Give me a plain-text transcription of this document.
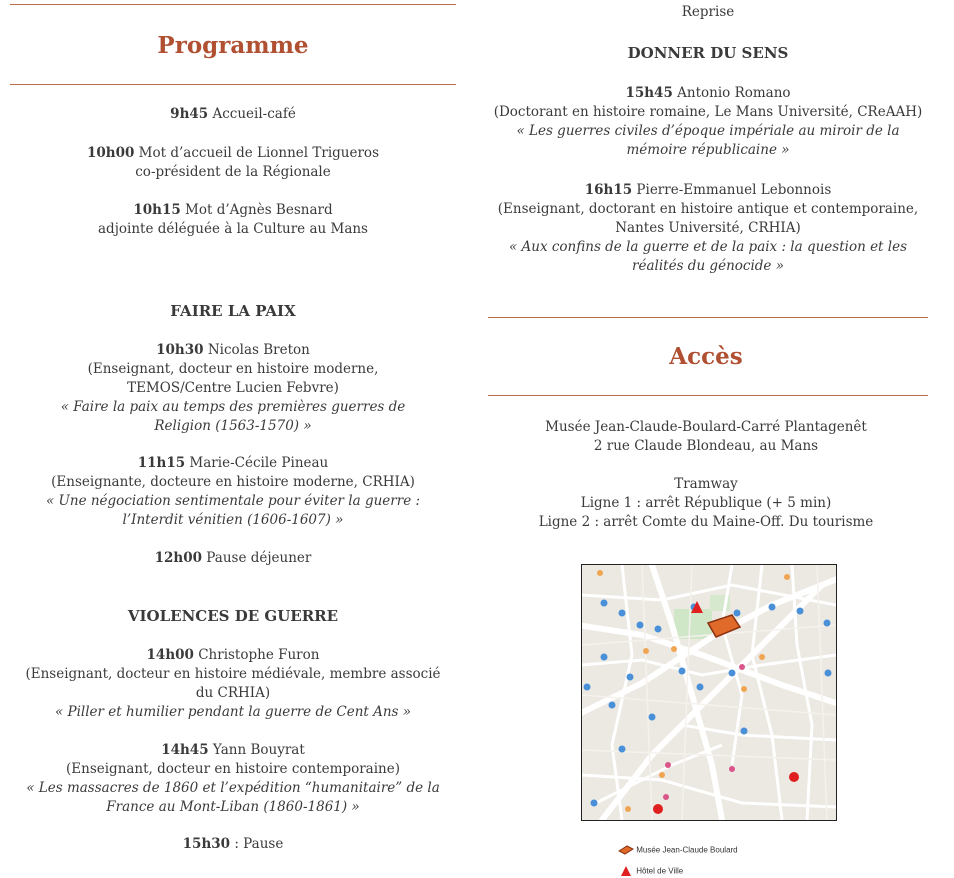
Programme
9h45 Accueil-café
10h00 Mot d’accueil de Lionnel Trigueros
co-président de la Régionale
10h15 Mot d’Agnès Besnard
adjointe déléguée à la Culture au Mans
FAIRE LA PAIX
10h30 Nicolas Breton
(Enseignant, docteur en histoire moderne, TEMOS/Centre Lucien Febvre)
« Faire la paix au temps des premières guerres de Religion (1563-1570) »
11h15 Marie-Cécile Pineau
(Enseignante, docteure en histoire moderne, CRHIA)
« Une négociation sentimentale pour éviter la guerre : l’Interdit vénitien (1606-1607) »
12h00 Pause déjeuner
VIOLENCES DE GUERRE
14h00 Christophe Furon
(Enseignant, docteur en histoire médiévale, membre associé du CRHIA)
« Piller et humilier pendant la guerre de Cent Ans »
14h45 Yann Bouyrat
(Enseignant, docteur en histoire contemporaine)
« Les massacres de 1860 et l’expédition “humanitaire” de la France au Mont-Liban (1860-1861) »
15h30 : Pause
Reprise
DONNER DU SENS
15h45 Antonio Romano
(Doctorant en histoire romaine, Le Mans Université, CReAAH)
« Les guerres civiles d’époque impériale au miroir de la mémoire républicaine »
16h15 Pierre-Emmanuel Lebonnois
(Enseignant, doctorant en histoire antique et contemporaine, Nantes Université, CRHIA)
« Aux confins de la guerre et de la paix : la question et les réalités du génocide »
Accès
Musée Jean-Claude-Boulard-Carré Plantagenêt
2 rue Claude Blondeau, au Mans
Tramway
Ligne 1 : arrêt République (+ 5 min)
Ligne 2 : arrêt Comte du Maine-Off. Du tourisme
Musée Jean-Claude Boulard
Hôtel de Ville
